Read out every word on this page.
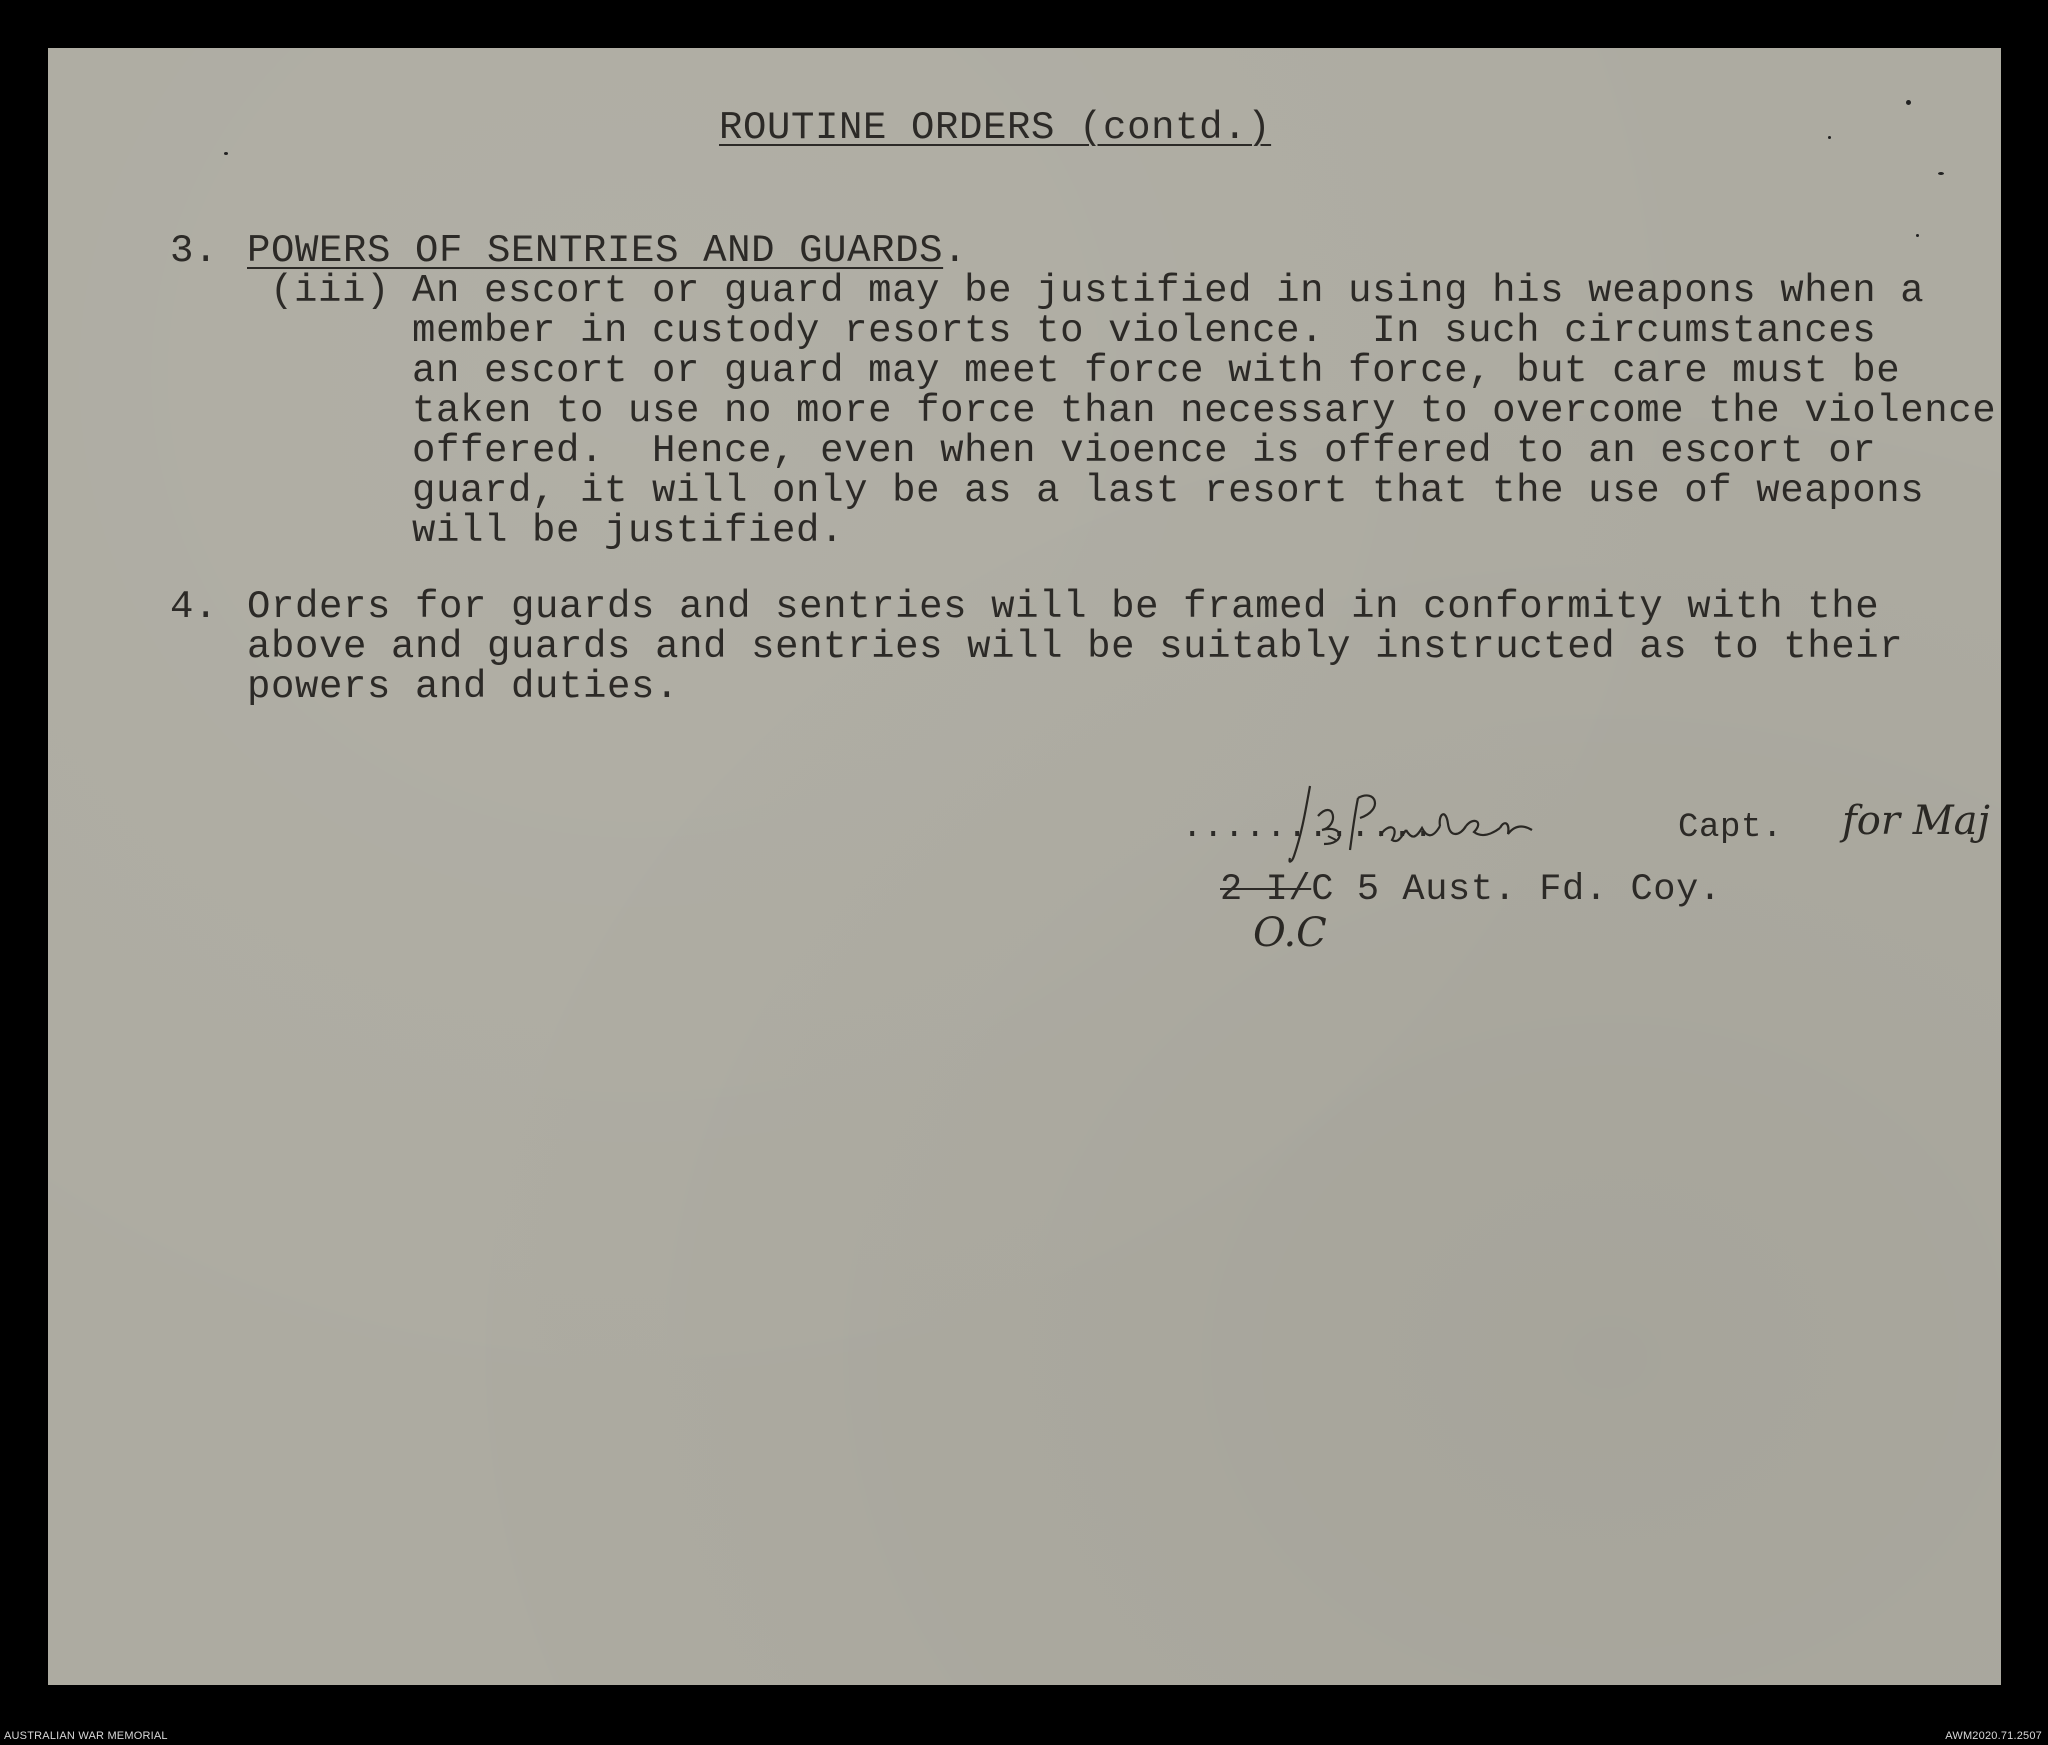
ROUTINE ORDERS (contd.)
3. POWERS OF SENTRIES AND GUARDS.
(iii) An escort or guard may be justified in using his weapons when a
member in custody resorts to violence.  In such circumstances
an escort or guard may meet force with force, but care must be
taken to use no more force than necessary to overcome the violence
offered.  Hence, even when vioence is offered to an escort or
guard, it will only be as a last resort that the use of weapons
will be justified.
4. Orders for guards and sentries will be framed in conformity with the
above and guards and sentries will be suitably instructed as to their
powers and duties.
............	Capt. for Maj
2 I/C 5 Aust. Fd. Coy.
O.C
AUSTRALIAN WAR MEMORIAL	AWM2020.71.2507
